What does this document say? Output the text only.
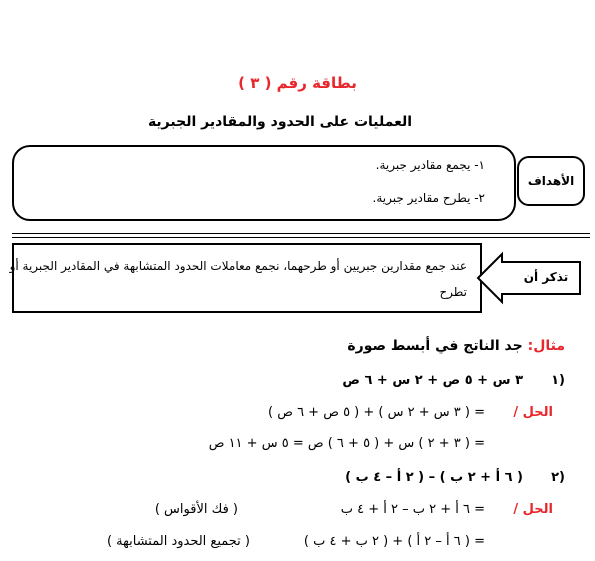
بطاقة رقم ( ٣ )
العمليات على الحدود والمقادير الجبرية
١- يجمع مقادير جبرية.
٢- يطرح مقادير جبرية.
الأهداف
عند جمع مقدارين جبريين أو طرحهما، نجمع معاملات الحدود المتشابهة في المقادير الجبرية أو تطرح
تذكر أن
مثال: جد الناتج في أبسط صورة
١)
٣ س + ٥ ص + ٢ س + ٦ ص
الحل /
= ( ٣ س + ٢ س ) + ( ٥ ص + ٦ ص )
= ( ٣ + ٢ ) س + ( ٥ + ٦ ) ص = ٥ س + ١١ ص
٢)
( ٦ أ + ٢ ب ) – ( ٢ أ – ٤ ب )
الحل /
= ٦ أ + ٢ ب – ٢ أ + ٤ ب
( فك الأقواس )
= ( ٦ أ – ٢ أ ) + ( ٢ ب + ٤ ب )
( تجميع الحدود المتشابهة )
